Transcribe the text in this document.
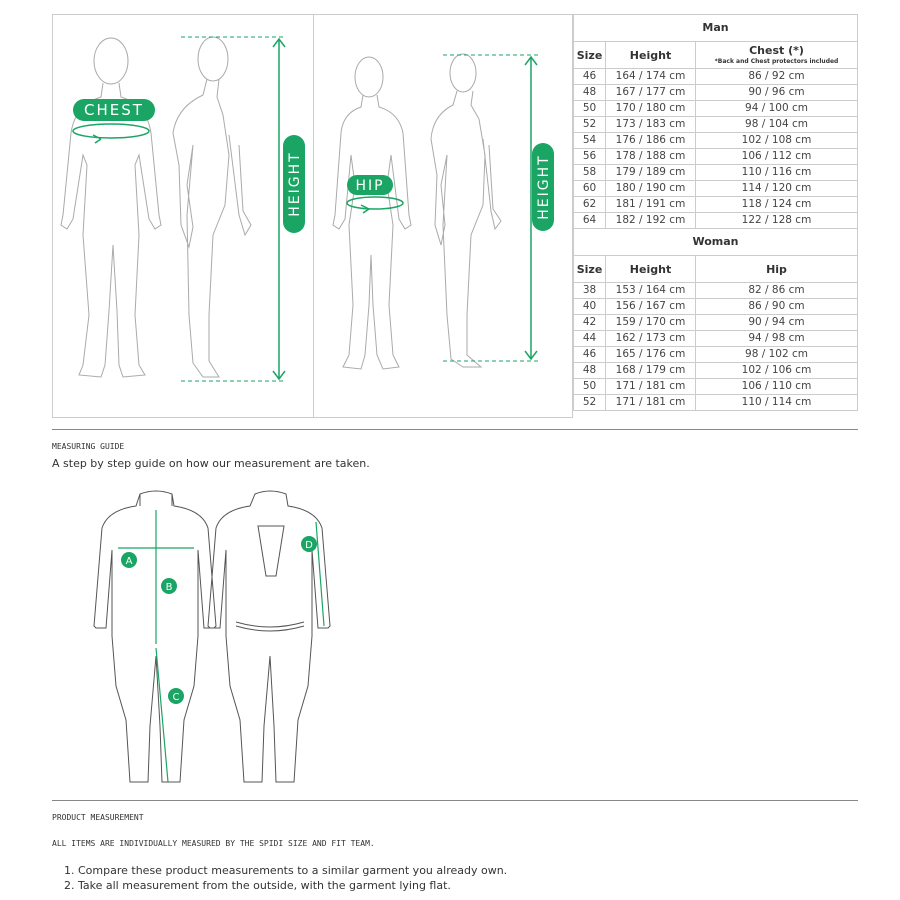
CHEST
HEIGHT	HIP	HEIGHT
Man		
Size	Height	Chest (*)
*Back and Chest protectors included

46	164 / 174 cm	86 / 92 cm
48	167 / 177 cm	90 / 96 cm
50	170 / 180 cm	94 / 100 cm
52	173 / 183 cm	98 / 104 cm
54	176 / 186 cm	102 / 108 cm
56	178 / 188 cm	106 / 112 cm
58	179 / 189 cm	110 / 116 cm
60	180 / 190 cm	114 / 120 cm
62	181 / 191 cm	118 / 124 cm
64	182 / 192 cm	122 / 128 cm
Woman		
Size	Height	Hip
38	153 / 164 cm	82 / 86 cm
40	156 / 167 cm	86 / 90 cm
42	159 / 170 cm	90 / 94 cm
44	162 / 173 cm	94 / 98 cm
46	165 / 176 cm	98 / 102 cm
48	168 / 179 cm	102 / 106 cm
50	171 / 181 cm	106 / 110 cm
52	171 / 181 cm	110 / 114 cm
MEASURING GUIDE
A step by step guide on how our measurement are taken.
A
B
C
D
PRODUCT MEASUREMENT
ALL ITEMS ARE INDIVIDUALLY MEASURED BY THE SPIDI SIZE AND FIT TEAM.
1. Compare these product measurements to a similar garment you already own.
2. Take all measurement from the outside, with the garment lying flat.
